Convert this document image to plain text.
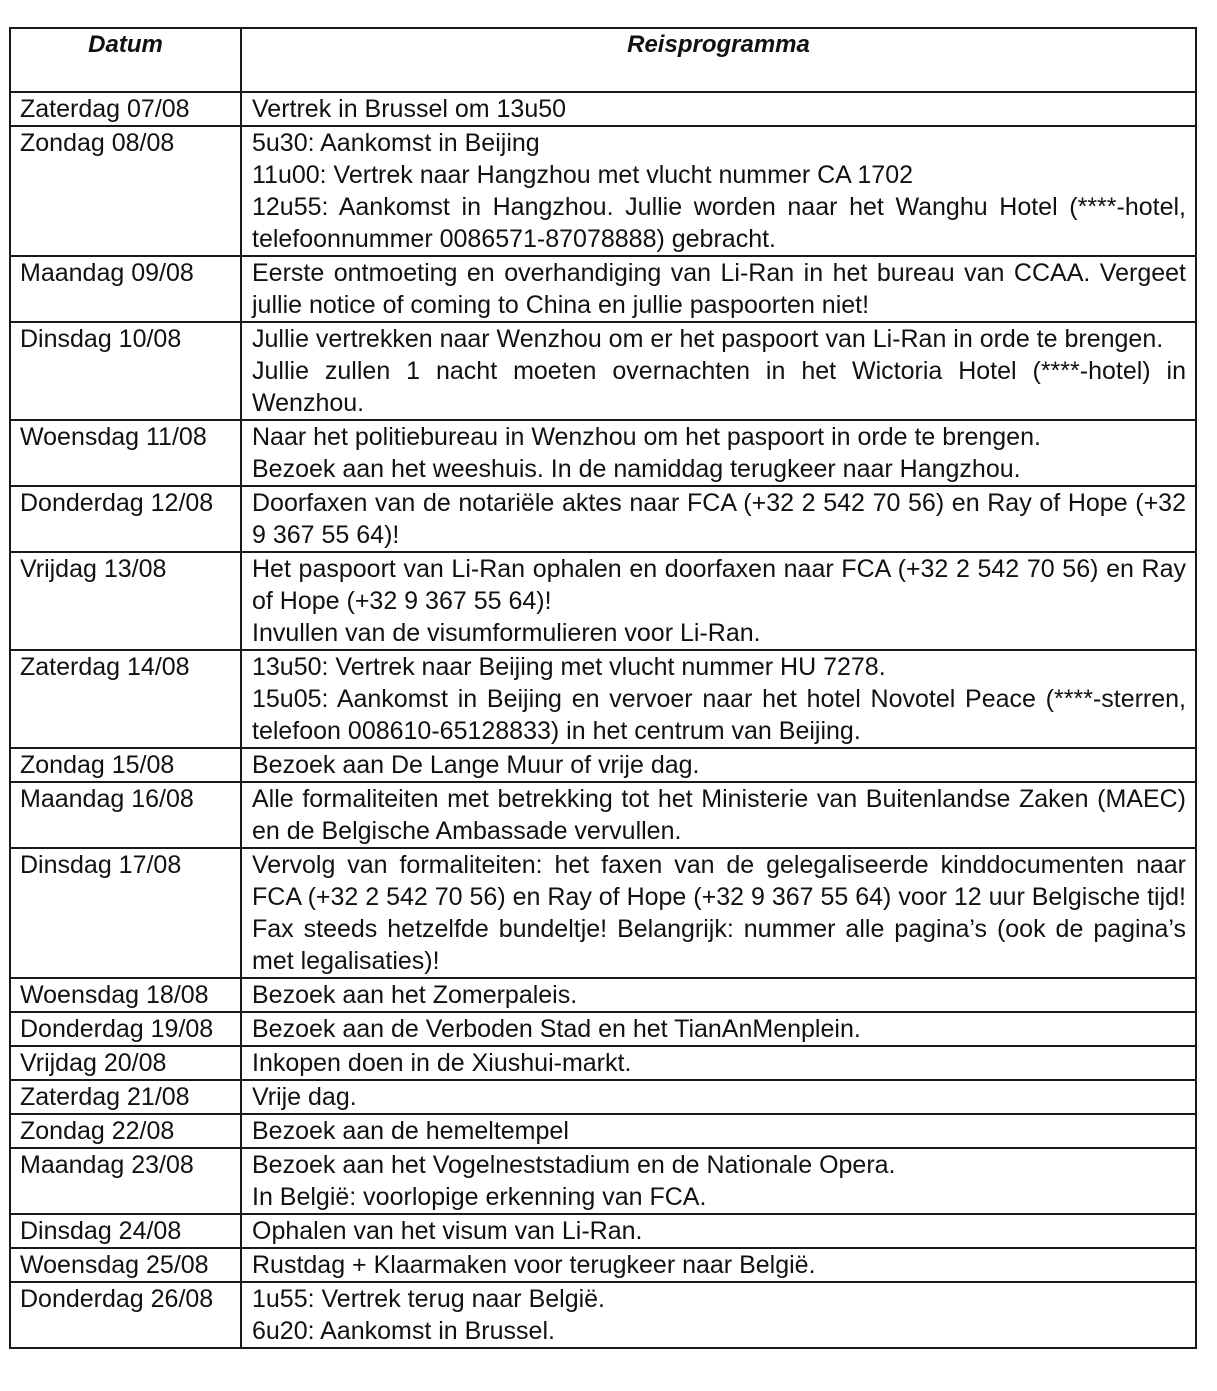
Datum	Reisprogramma
Zaterdag 07/08	Vertrek in Brussel om 13u50

Zondag 08/08	5u30: Aankomst in Beijing
11u00: Vertrek naar Hangzhou met vlucht nummer CA 1702
12u55: Aankomst in Hangzhou. Jullie worden naar het Wanghu Hotel (****-hotel, telefoonnummer 0086571-87078888) gebracht.

Maandag 09/08	Eerste ontmoeting en overhandiging van Li-Ran in het bureau van CCAA. Vergeet jullie notice of coming to China en jullie paspoorten niet!

Dinsdag 10/08	Jullie vertrekken naar Wenzhou om er het paspoort van Li-Ran in orde te brengen.
Jullie zullen 1 nacht moeten overnachten in het Wictoria Hotel (****-hotel) in Wenzhou.

Woensdag 11/08	Naar het politiebureau in Wenzhou om het paspoort in orde te brengen.
Bezoek aan het weeshuis. In de namiddag terugkeer naar Hangzhou.

Donderdag 12/08	Doorfaxen van de notariële aktes naar FCA (+32 2 542 70 56) en Ray of Hope (+32 9 367 55 64)!

Vrijdag 13/08	Het paspoort van Li-Ran ophalen en doorfaxen naar FCA (+32 2 542 70 56) en Ray of Hope (+32 9 367 55 64)!
Invullen van de visumformulieren voor Li-Ran.

Zaterdag 14/08	13u50: Vertrek naar Beijing met vlucht nummer HU 7278.
15u05: Aankomst in Beijing en vervoer naar het hotel Novotel Peace (****-sterren, telefoon 008610-65128833) in het centrum van Beijing.

Zondag 15/08	Bezoek aan De Lange Muur of vrije dag.

Maandag 16/08	Alle formaliteiten met betrekking tot het Ministerie van Buitenlandse Zaken (MAEC) en de Belgische Ambassade vervullen.

Dinsdag 17/08	Vervolg van formaliteiten: het faxen van de gelegaliseerde kinddocumenten naar FCA (+32 2 542 70 56) en Ray of Hope (+32 9 367 55 64) voor 12 uur Belgische tijd! Fax steeds hetzelfde bundeltje! Belangrijk: nummer alle pagina’s (ook de pagina’s met legalisaties)!

Woensdag 18/08	Bezoek aan het Zomerpaleis.

Donderdag 19/08	Bezoek aan de Verboden Stad en het TianAnMenplein.

Vrijdag 20/08	Inkopen doen in de Xiushui-markt.

Zaterdag 21/08	Vrije dag.

Zondag 22/08	Bezoek aan de hemeltempel

Maandag 23/08	Bezoek aan het Vogelneststadium en de Nationale Opera.
In België: voorlopige erkenning van FCA.

Dinsdag 24/08	Ophalen van het visum van Li-Ran.

Woensdag 25/08	Rustdag + Klaarmaken voor terugkeer naar België.

Donderdag 26/08	1u55: Vertrek terug naar België.
6u20: Aankomst in Brussel.
